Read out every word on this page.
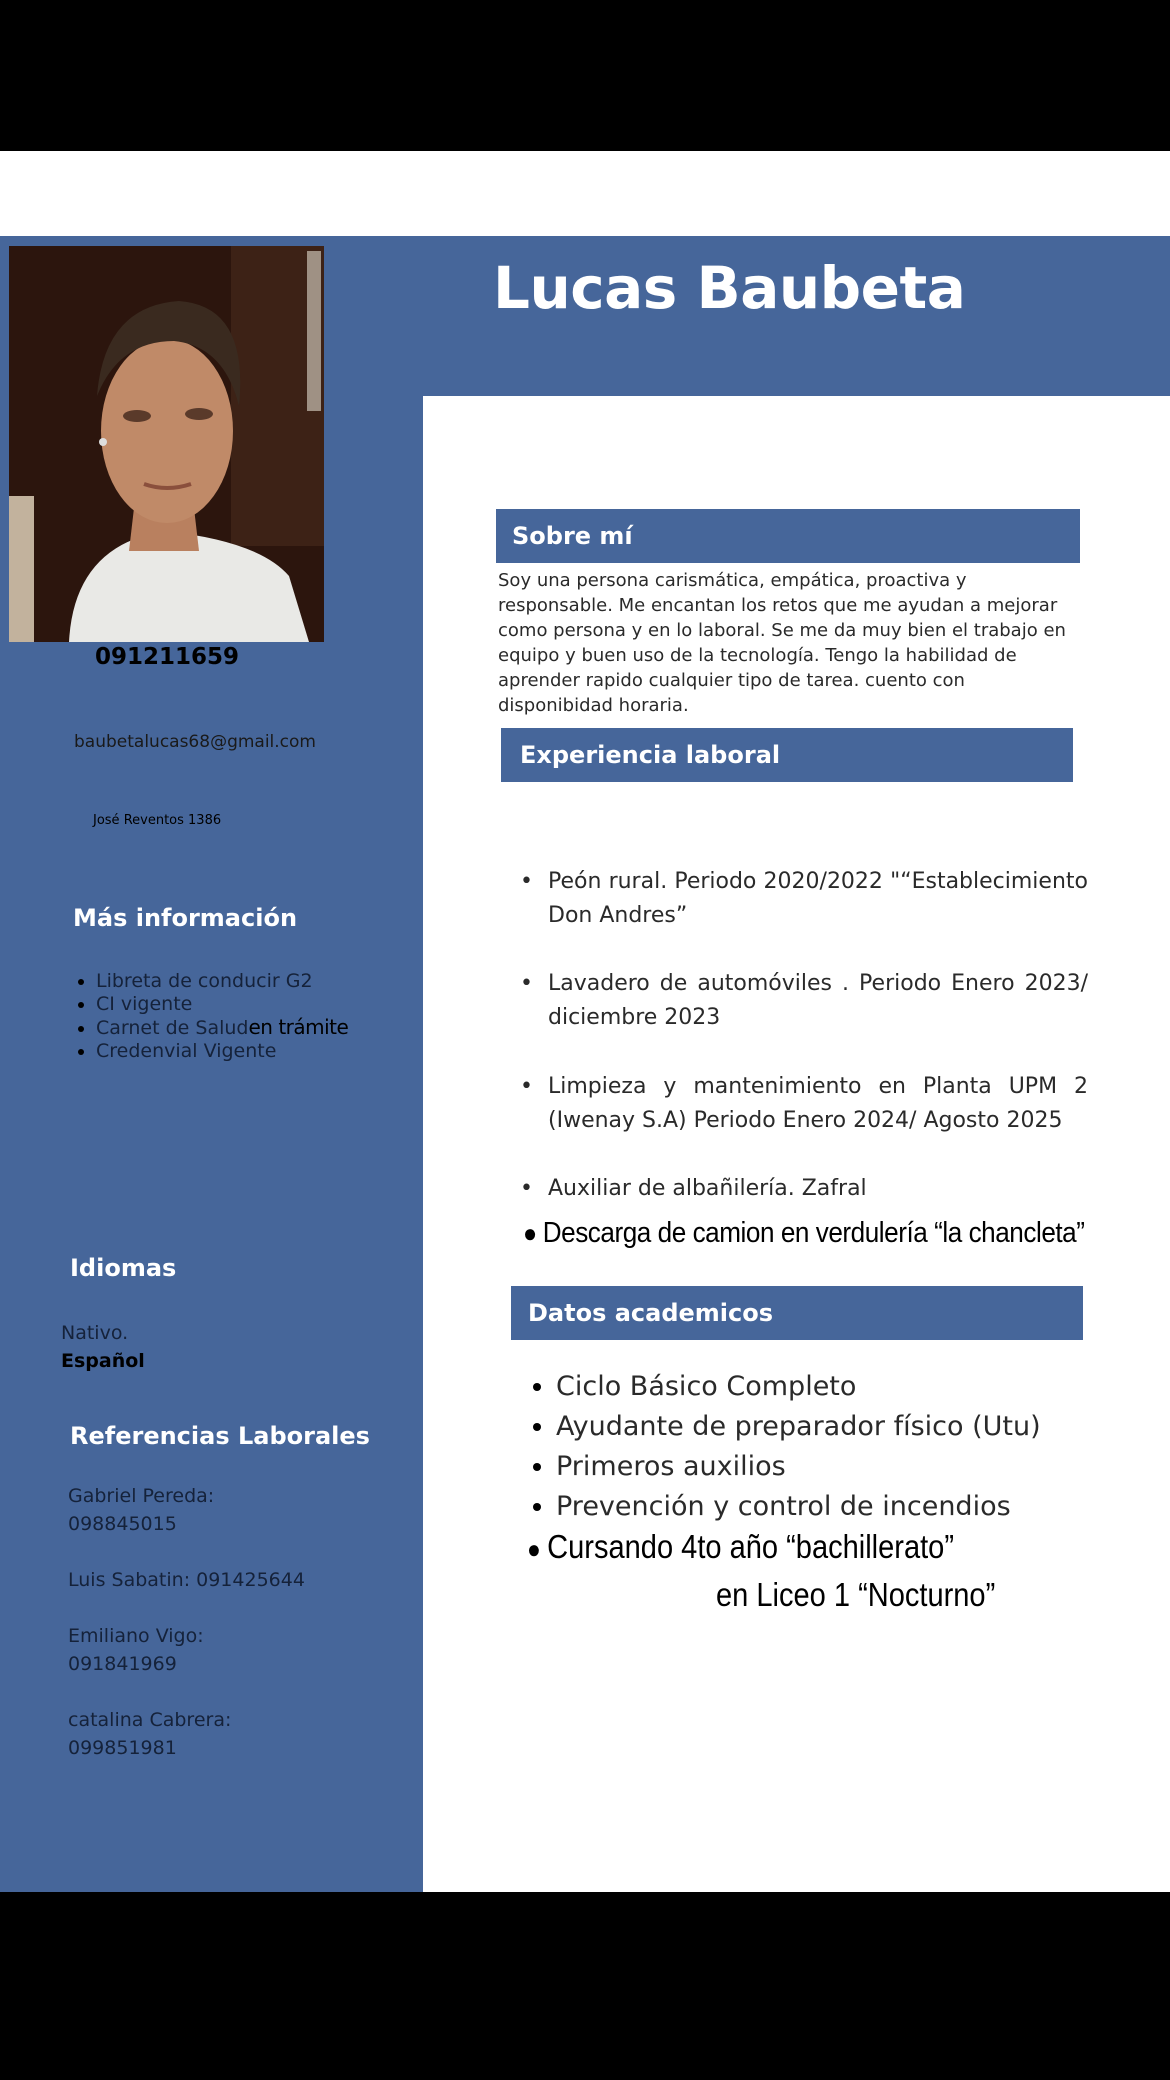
Lucas Baubeta
091211659
baubetalucas68@gmail.com
José Reventos 1386
Más información
• Libreta de conducir G2
• CI vigente
• Carnet de Saluden trámite
• Credenvial Vigente
Idiomas
Nativo.
Español
Referencias Laborales
Gabriel Pereda:
098845015
Luis Sabatin: 091425644
Emiliano Vigo:
091841969
catalina Cabrera:
099851981
Sobre mí

Soy una persona carismática, empática, proactiva y responsable. Me encantan los retos que me ayudan a mejorar como persona y en lo laboral. Se me da muy bien el trabajo en equipo y buen uso de la tecnología. Tengo la habilidad de aprender rapido cualquier tipo de tarea. cuento con disponibidad horaria.

Experiencia laboral
• Peón rural. Periodo 2020/2022 "“Establecimiento Don Andres”
• Lavadero de automóviles . Periodo Enero 2023/ diciembre 2023
• Limpieza y mantenimiento en Planta UPM 2 (Iwenay S.A) Periodo Enero 2024/ Agosto 2025
• Auxiliar de albañilería. Zafral
● Descarga de camion en verdulería “la chancleta”
Datos academicos
• Ciclo Básico Completo
• Ayudante de preparador físico (Utu)
• Primeros auxilios
• Prevención y control de incendios
● Cursando 4to año “bachillerato”
en Liceo 1 “Nocturno”
